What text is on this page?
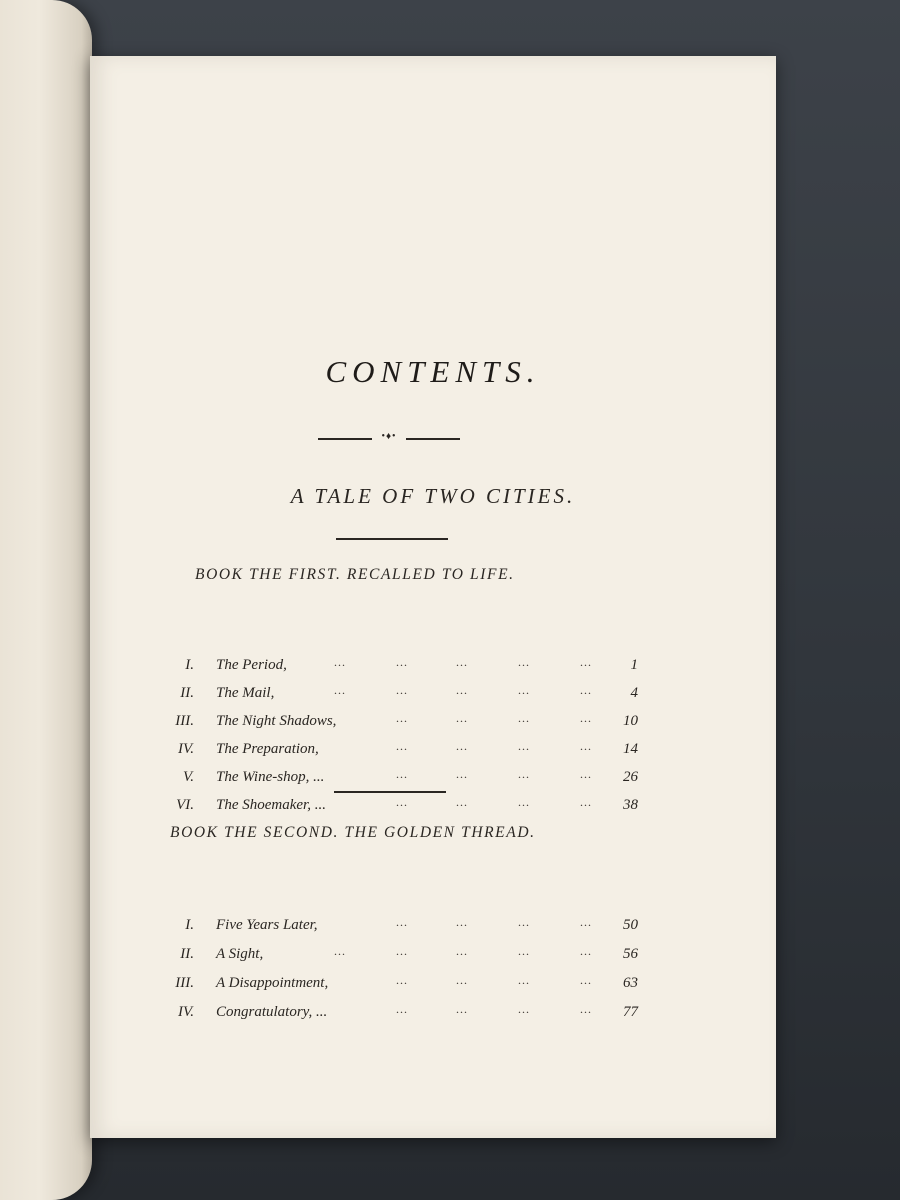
CONTENTS.
•♦•
A TALE OF TWO CITIES.
BOOK THE FIRST. RECALLED TO LIFE.
I. The Period,	...	...	...	...	...	1
II. The Mail,	...	...	...	...	...	4
III. The Night Shadows,	...	...	...	...	10
IV. The Preparation,	...	...	...	...	14
V. The Wine-shop, ...	...	...	...	...	26
VI. The Shoemaker, ...	...	...	...	...	38
BOOK THE SECOND. THE GOLDEN THREAD.
I. Five Years Later,	...	...	...	...	50
II. A Sight,	...	...	...	...	...	56
III. A Disappointment,	...	...	...	...	63
IV. Congratulatory, ...	...	...	...	...	77
